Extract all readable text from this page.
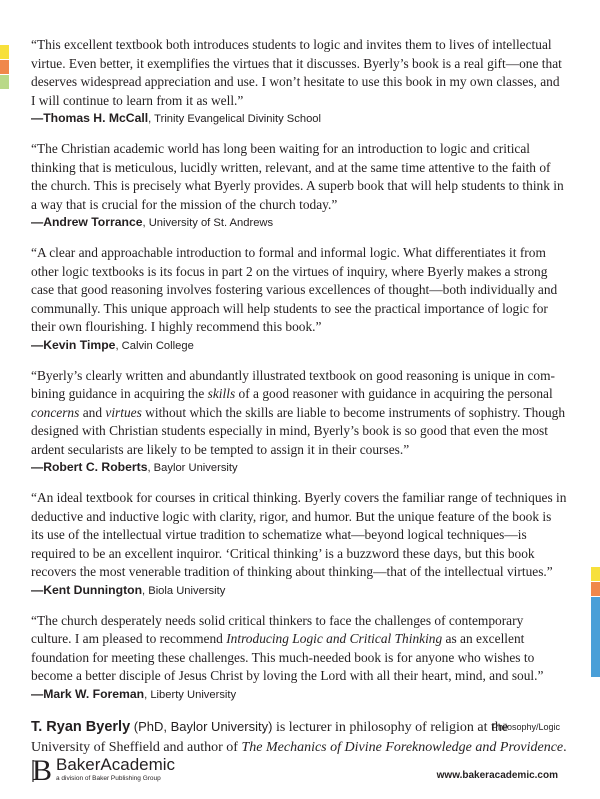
“This excellent textbook both introduces students to logic and invites them to lives of intellectual virtue. Even better, it exemplifies the virtues that it discusses. Byerly’s book is a real gift—one that deserves widespread appreciation and use. I won’t hesitate to use this book in my own classes, and I will continue to learn from it as well.”

—Thomas H. McCall, Trinity Evangelical Divinity School

“The Christian academic world has long been waiting for an introduction to logic and critical thinking that is meticulous, lucidly written, relevant, and at the same time attentive to the faith of the church. This is precisely what Byerly provides. A superb book that will help students to think in a way that is crucial for the mission of the church today.”

—Andrew Torrance, University of St. Andrews

“A clear and approachable introduction to formal and informal logic. What differentiates it from other logic textbooks is its focus in part 2 on the virtues of inquiry, where Byerly makes a strong case that good reasoning involves fostering various excellences of thought—both individually and communally. This unique approach will help students to see the practical importance of logic for their own flourishing. I highly recommend this book.”

—Kevin Timpe, Calvin College

“Byerly’s clearly written and abundantly illustrated textbook on good reasoning is unique in combining guidance in acquiring the skills of a good reasoner with guidance in acquiring the personal concerns and virtues without which the skills are liable to become instruments of sophistry. Though designed with Christian students especially in mind, Byerly’s book is so good that even the most ardent secularists are likely to be tempted to assign it in their courses.”

—Robert C. Roberts, Baylor University

“An ideal textbook for courses in critical thinking. Byerly covers the familiar range of techniques in deductive and inductive logic with clarity, rigor, and humor. But the unique feature of the book is its use of the intellectual virtue tradition to schematize what—beyond logical techniques—is required to be an excellent inquiror. ‘Critical thinking’ is a buzzword these days, but this book recovers the most venerable tradition of thinking about thinking—that of the intellectual virtues.”

—Kent Dunnington, Biola University

“The church desperately needs solid critical thinkers to face the challenges of contemporary culture. I am pleased to recommend Introducing Logic and Critical Thinking as an excellent foundation for meeting these challenges. This much-needed book is for anyone who wishes to become a better disciple of Jesus Christ by loving the Lord with all their heart, mind, and soul.”

—Mark W. Foreman, Liberty University

T. Ryan Byerly (PhD, Baylor University) is lecturer in philosophy of religion at the University of Sheffield and author of The Mechanics of Divine Foreknowledge and Providence.

Philosophy/Logic
B BakerAcademic
a division of Baker Publishing Group	www.bakeracademic.com
